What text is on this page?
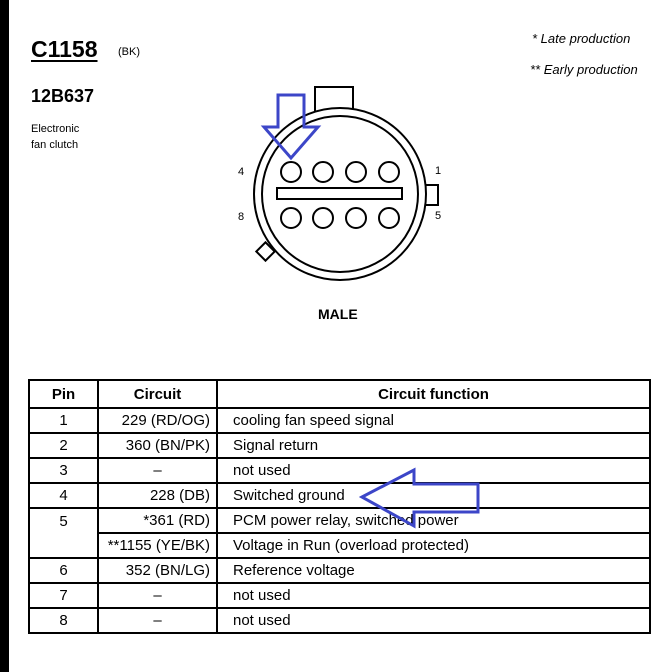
C1158 (BK)
12B637
Electronic
fan clutch
* Late production
** Early production
4	1
8	5
MALE
Pin	Circuit	Circuit function
1	229 (RD/OG)	cooling fan speed signal
2	360 (BN/PK)	Signal return
3	–	not used
4	228 (DB)	Switched ground
5	*361 (RD)	PCM power relay, switched power
	**1155 (YE/BK)	Voltage in Run (overload protected)
6	352 (BN/LG)	Reference voltage
7	–	not used
8	–	not used
